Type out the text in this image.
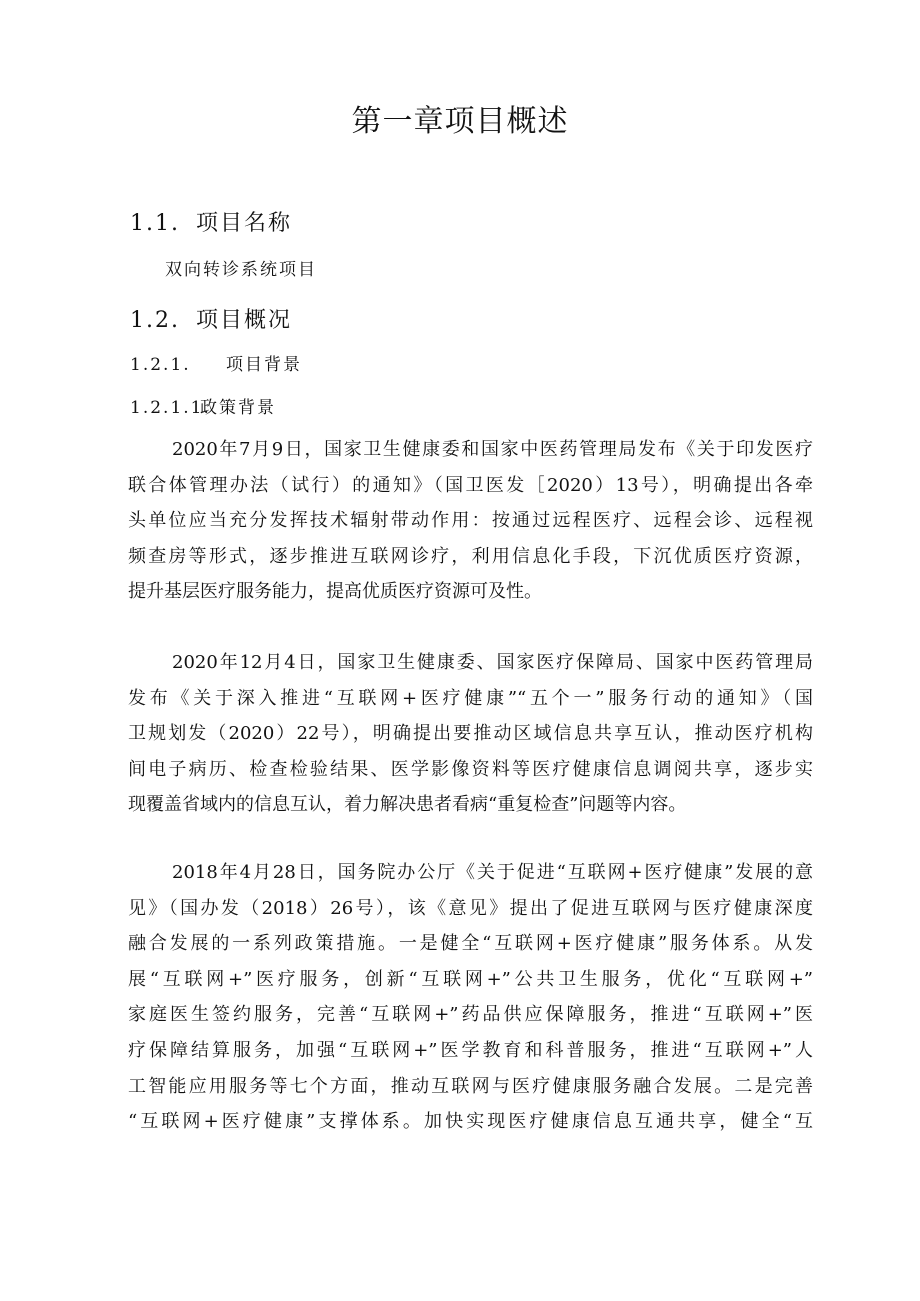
第一章项目概述
1.1. 项目名称

双向转诊系统项目

1.2. 项目概况
1.2.1. 项目背景
1.2.1.1.政策背景

2020年7月9日，国家卫生健康委和国家中医药管理局发布《关于印发医疗

联合体管理办法（试行）的通知》（国卫医发［2020）13号），明确提出各牵

头单位应当充分发挥技术辐射带动作用：按通过远程医疗、远程会诊、远程视

频查房等形式，逐步推进互联网诊疗，利用信息化手段，下沉优质医疗资源，

提升基层医疗服务能力，提高优质医疗资源可及性。

2020年12月4日，国家卫生健康委、国家医疗保障局、国家中医药管理局

发布《关于深入推进“互联网+医疗健康”“五个一”服务行动的通知》（国

卫规划发（2020）22号），明确提出要推动区域信息共享互认，推动医疗机构

间电子病历、检查检验结果、医学影像资料等医疗健康信息调阅共享，逐步实

现覆盖省域内的信息互认，着力解决患者看病“重复检查”问题等内容。

2018年4月28日，国务院办公厅《关于促进“互联网+医疗健康”发展的意

见》（国办发（2018）26号），该《意见》提出了促进互联网与医疗健康深度

融合发展的一系列政策措施。一是健全“互联网+医疗健康”服务体系。从发

展“互联网+”医疗服务，创新“互联网+”公共卫生服务，优化“互联网+”

家庭医生签约服务，完善“互联网+”药品供应保障服务，推进“互联网+”医

疗保障结算服务，加强“互联网+”医学教育和科普服务，推进“互联网+”人

工智能应用服务等七个方面，推动互联网与医疗健康服务融合发展。二是完善

“互联网+医疗健康”支撑体系。加快实现医疗健康信息互通共享，健全“互
